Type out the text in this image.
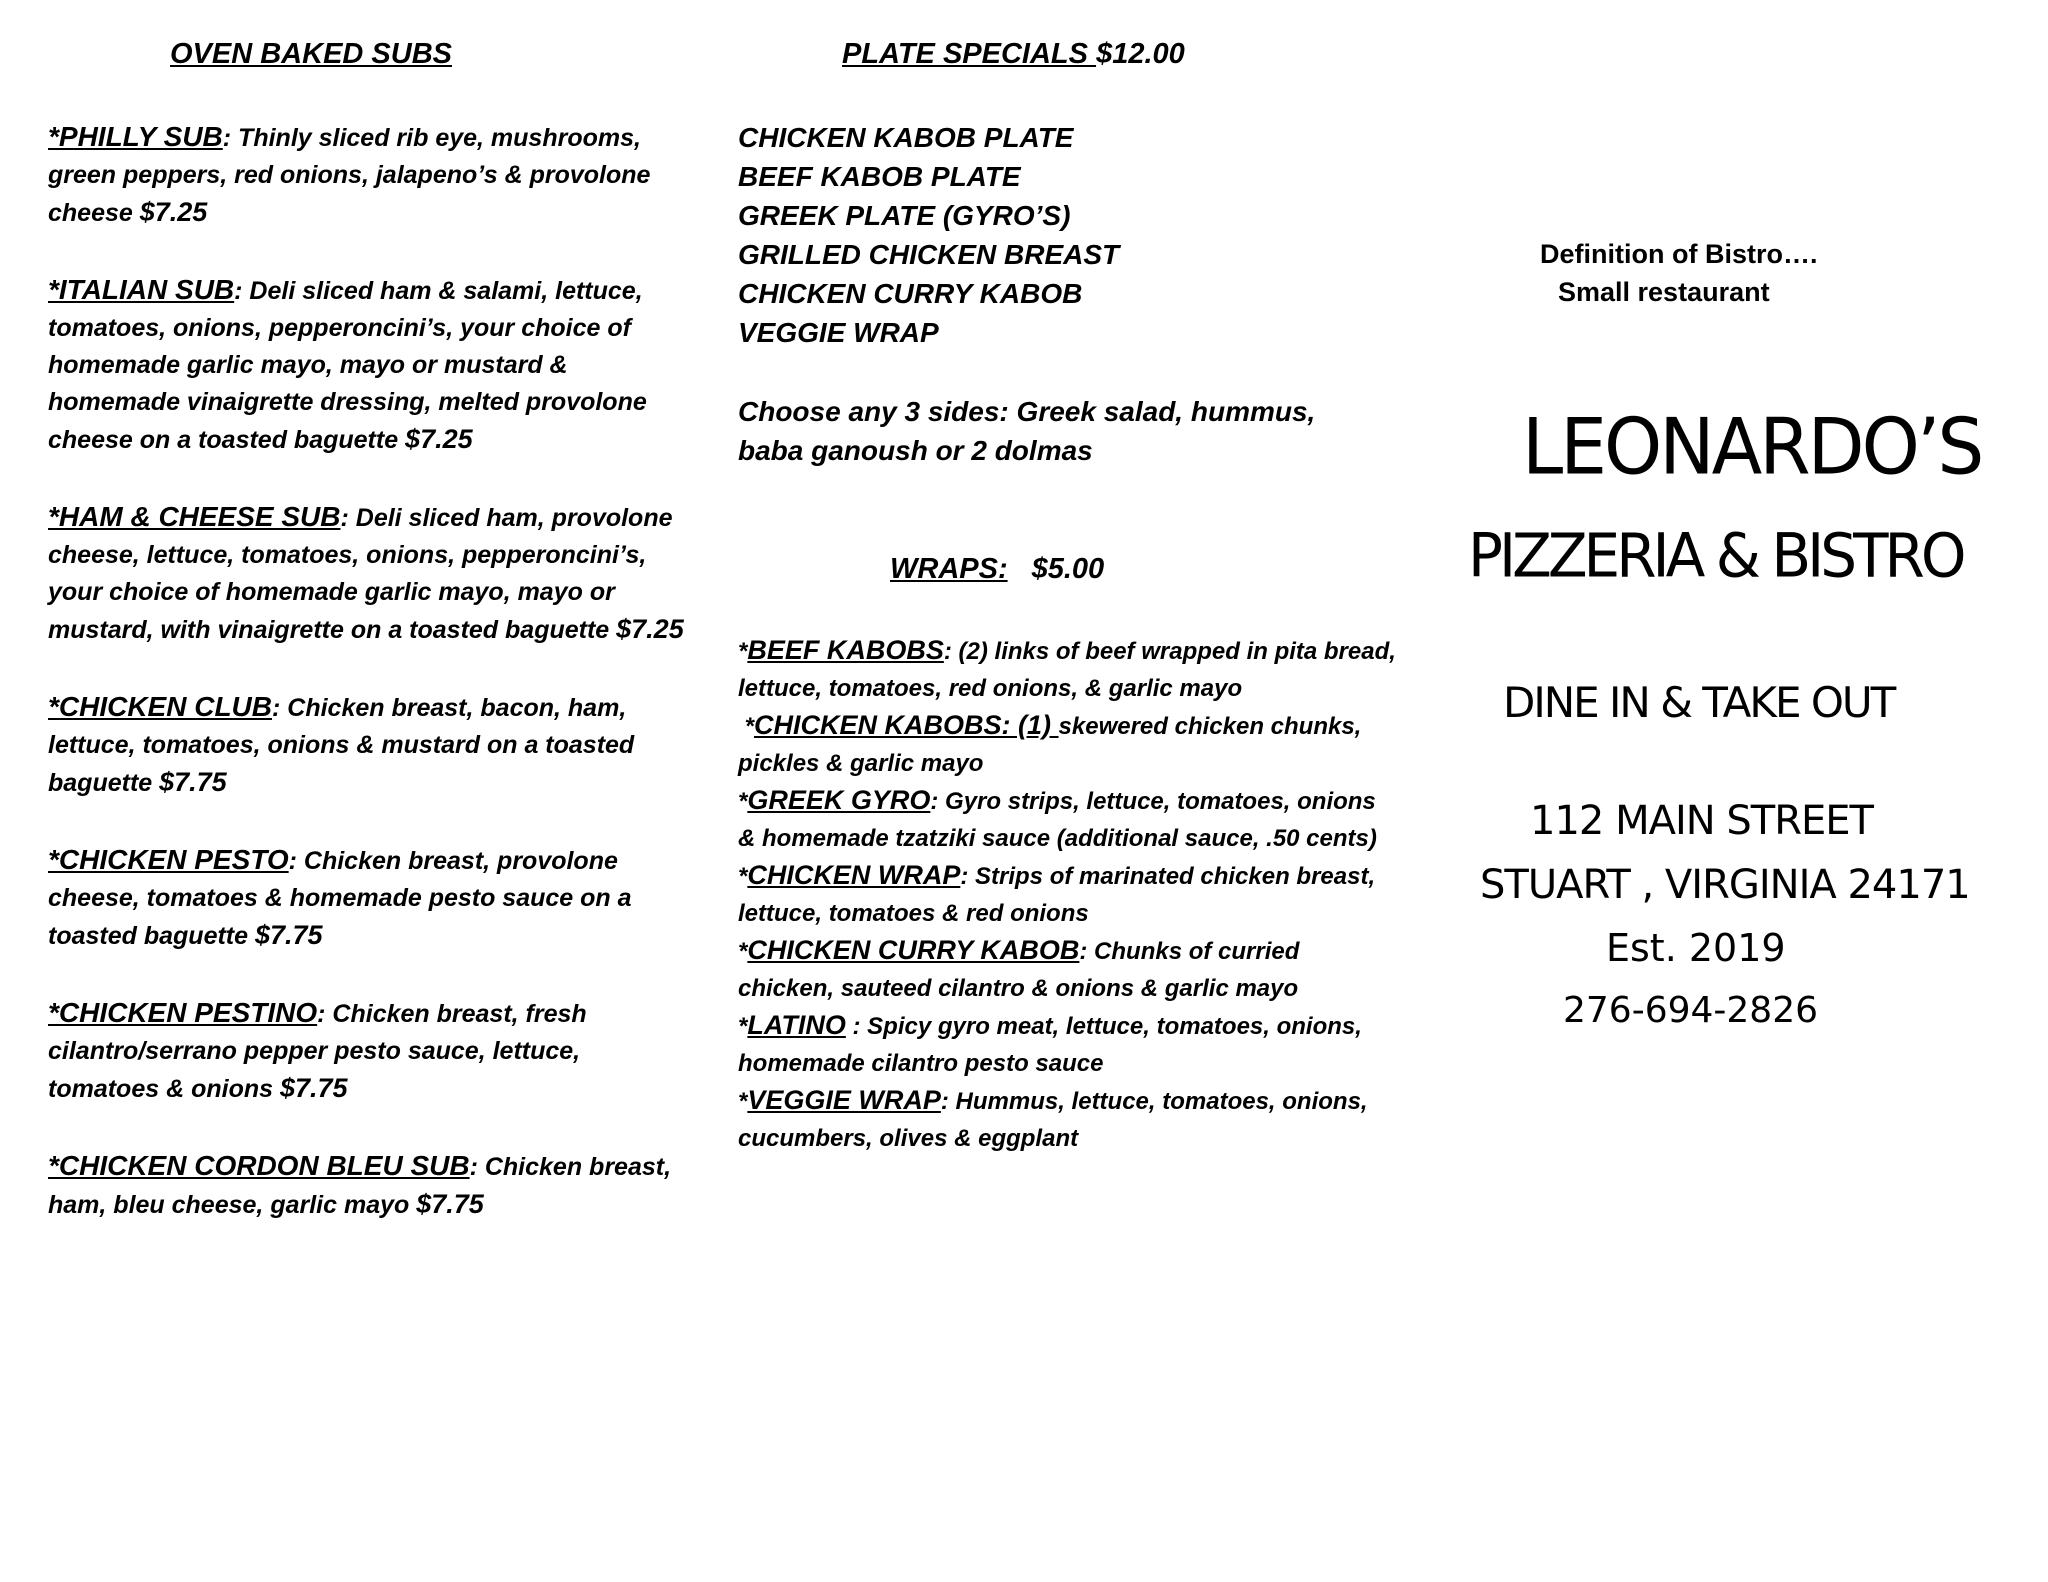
OVEN BAKED SUBS	PLATE SPECIALS $12.00
*PHILLY SUB: Thinly sliced rib eye, mushrooms, green peppers, red onions, jalapeno’s & provolone cheese $7.25
*ITALIAN SUB: Deli sliced ham & salami, lettuce, tomatoes, onions, pepperoncini’s, your choice of homemade garlic mayo, mayo or mustard & homemade vinaigrette dressing, melted provolone cheese on a toasted baguette $7.25
*HAM & CHEESE SUB: Deli sliced ham, provolone cheese, lettuce, tomatoes, onions, pepperoncini’s, your choice of homemade garlic mayo, mayo or mustard, with vinaigrette on a toasted baguette $7.25
*CHICKEN CLUB: Chicken breast, bacon, ham, lettuce, tomatoes, onions & mustard on a toasted baguette $7.75
*CHICKEN PESTO: Chicken breast, provolone cheese, tomatoes & homemade pesto sauce on a toasted baguette $7.75
*CHICKEN PESTINO: Chicken breast, fresh cilantro/serrano pepper pesto sauce, lettuce, tomatoes & onions $7.75
*CHICKEN CORDON BLEU SUB: Chicken breast, ham, bleu cheese, garlic mayo $7.75
CHICKEN KABOB PLATE
BEEF KABOB PLATE
GREEK PLATE (GYRO’S)
GRILLED CHICKEN BREAST
CHICKEN CURRY KABOB
VEGGIE WRAP
Choose any 3 sides: Greek salad, hummus, baba ganoush or 2 dolmas
WRAPS: $5.00
*BEEF KABOBS: (2) links of beef wrapped in pita bread, lettuce, tomatoes, red onions, & garlic mayo
*CHICKEN KABOBS: (1) skewered chicken chunks, pickles & garlic mayo
*GREEK GYRO: Gyro strips, lettuce, tomatoes, onions & homemade tzatziki sauce (additional sauce, .50 cents)
*CHICKEN WRAP: Strips of marinated chicken breast, lettuce, tomatoes & red onions
*CHICKEN CURRY KABOB: Chunks of curried chicken, sauteed cilantro & onions & garlic mayo
*LATINO : Spicy gyro meat, lettuce, tomatoes, onions, homemade cilantro pesto sauce
*VEGGIE WRAP: Hummus, lettuce, tomatoes, onions, cucumbers, olives & eggplant
Definition of Bistro….
Small restaurant
LEONARDO’S
PIZZERIA & BISTRO
DINE IN & TAKE OUT
112 MAIN STREET
STUART , VIRGINIA 24171
Est. 2019
276-694-2826
